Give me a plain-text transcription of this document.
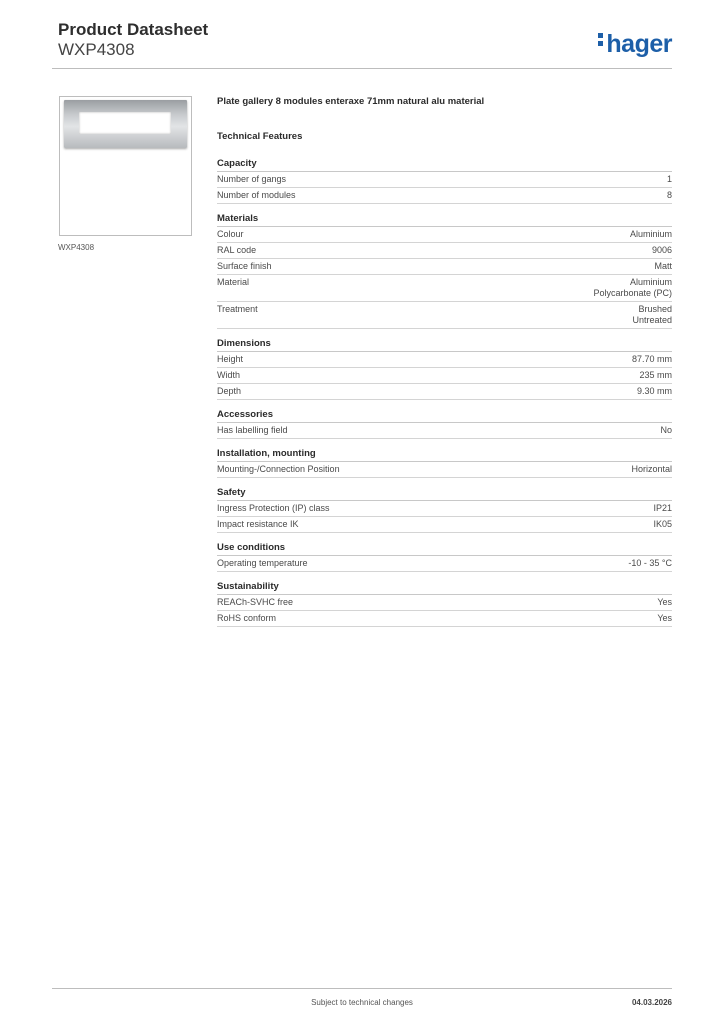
Product Datasheet
WXP4308	hager
WXP4308
Plate gallery 8 modules enteraxe 71mm natural alu material
Technical Features
Capacity
Number of gangs	1
Number of modules	8
Materials
Colour	Aluminium
RAL code	9006
Surface finish	Matt
Material	Aluminium
Polycarbonate (PC)
Treatment	Brushed
Untreated
Dimensions
Height	87.70 mm
Width	235 mm
Depth	9.30 mm
Accessories
Has labelling field	No
Installation, mounting
Mounting-/Connection Position	Horizontal
Safety
Ingress Protection (IP) class	IP21
Impact resistance IK	IK05
Use conditions
Operating temperature	-10 - 35 °C
Sustainability
REACh-SVHC free	Yes
RoHS conform	Yes
Subject to technical changes	04.03.2026
